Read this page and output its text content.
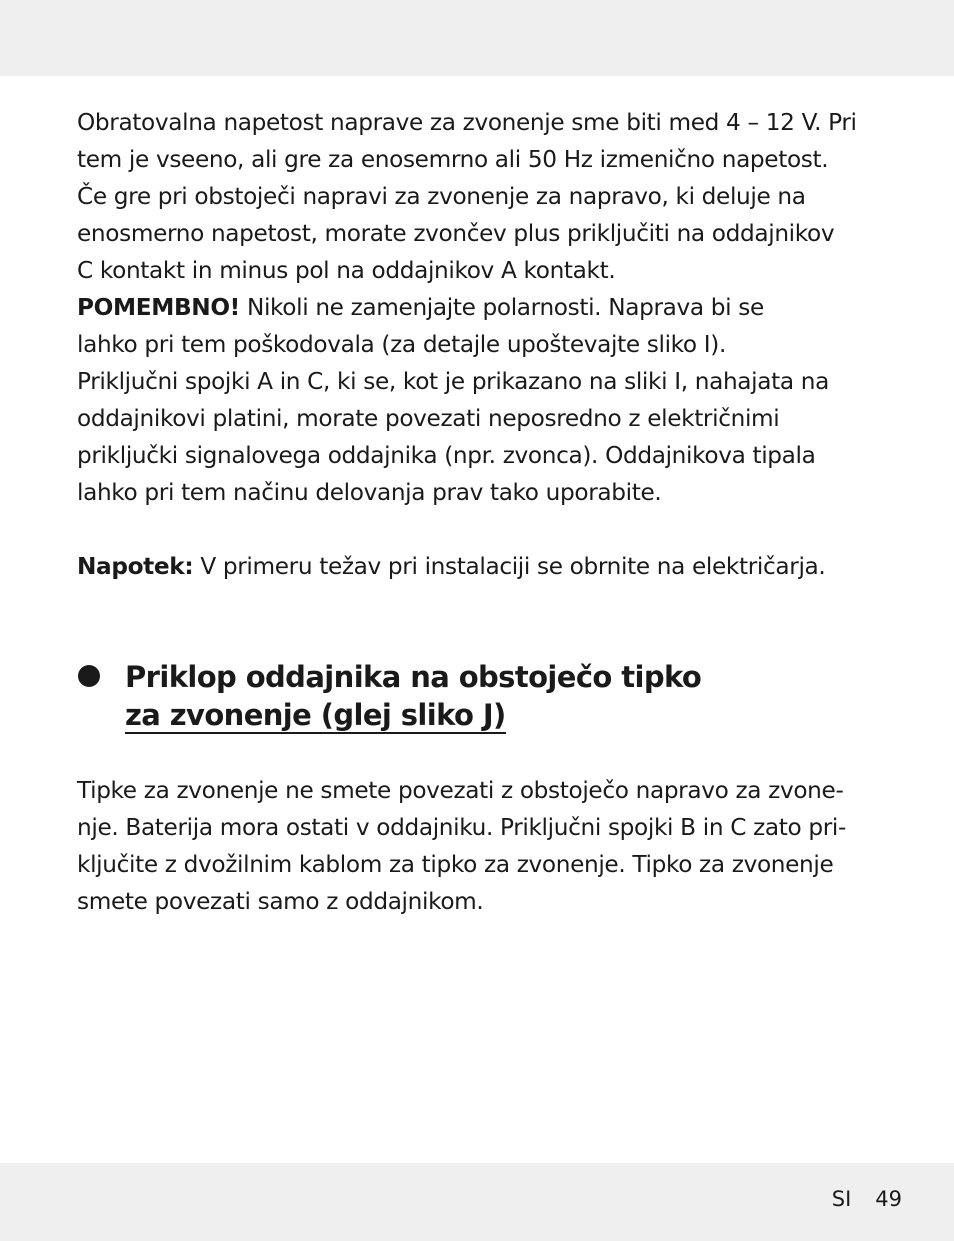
Obratovalna napetost naprave za zvonenje sme biti med 4 – 12 V. Pri
tem je vseeno, ali gre za enosemrno ali 50 Hz izmenično napetost.
Če gre pri obstoječi napravi za zvonenje za napravo, ki deluje na
enosmerno napetost, morate zvončev plus priključiti na oddajnikov
C kontakt in minus pol na oddajnikov A kontakt.

POMEMBNO! Nikoli ne zamenjajte polarnosti. Naprava bi se
lahko pri tem poškodovala (za detajle upoštevajte sliko I).

Priključni spojki A in C, ki se, kot je prikazano na sliki I, nahajata na
oddajnikovi platini, morate povezati neposredno z električnimi
priključki signalovega oddajnika (npr. zvonca). Oddajnikova tipala
lahko pri tem načinu delovanja prav tako uporabite.

Napotek: V primeru težav pri instalaciji se obrnite na električarja.

Priklop oddajnika na obstoječo tipko
za zvonenje (glej sliko J)
Tipke za zvonenje ne smete povezati z obstoječo napravo za zvone-
nje. Baterija mora ostati v oddajniku. Priključni spojki B in C zato pri-
ključite z dvožilnim kablom za tipko za zvonenje. Tipko za zvonenje
smete povezati samo z oddajnikom.
SI 49
